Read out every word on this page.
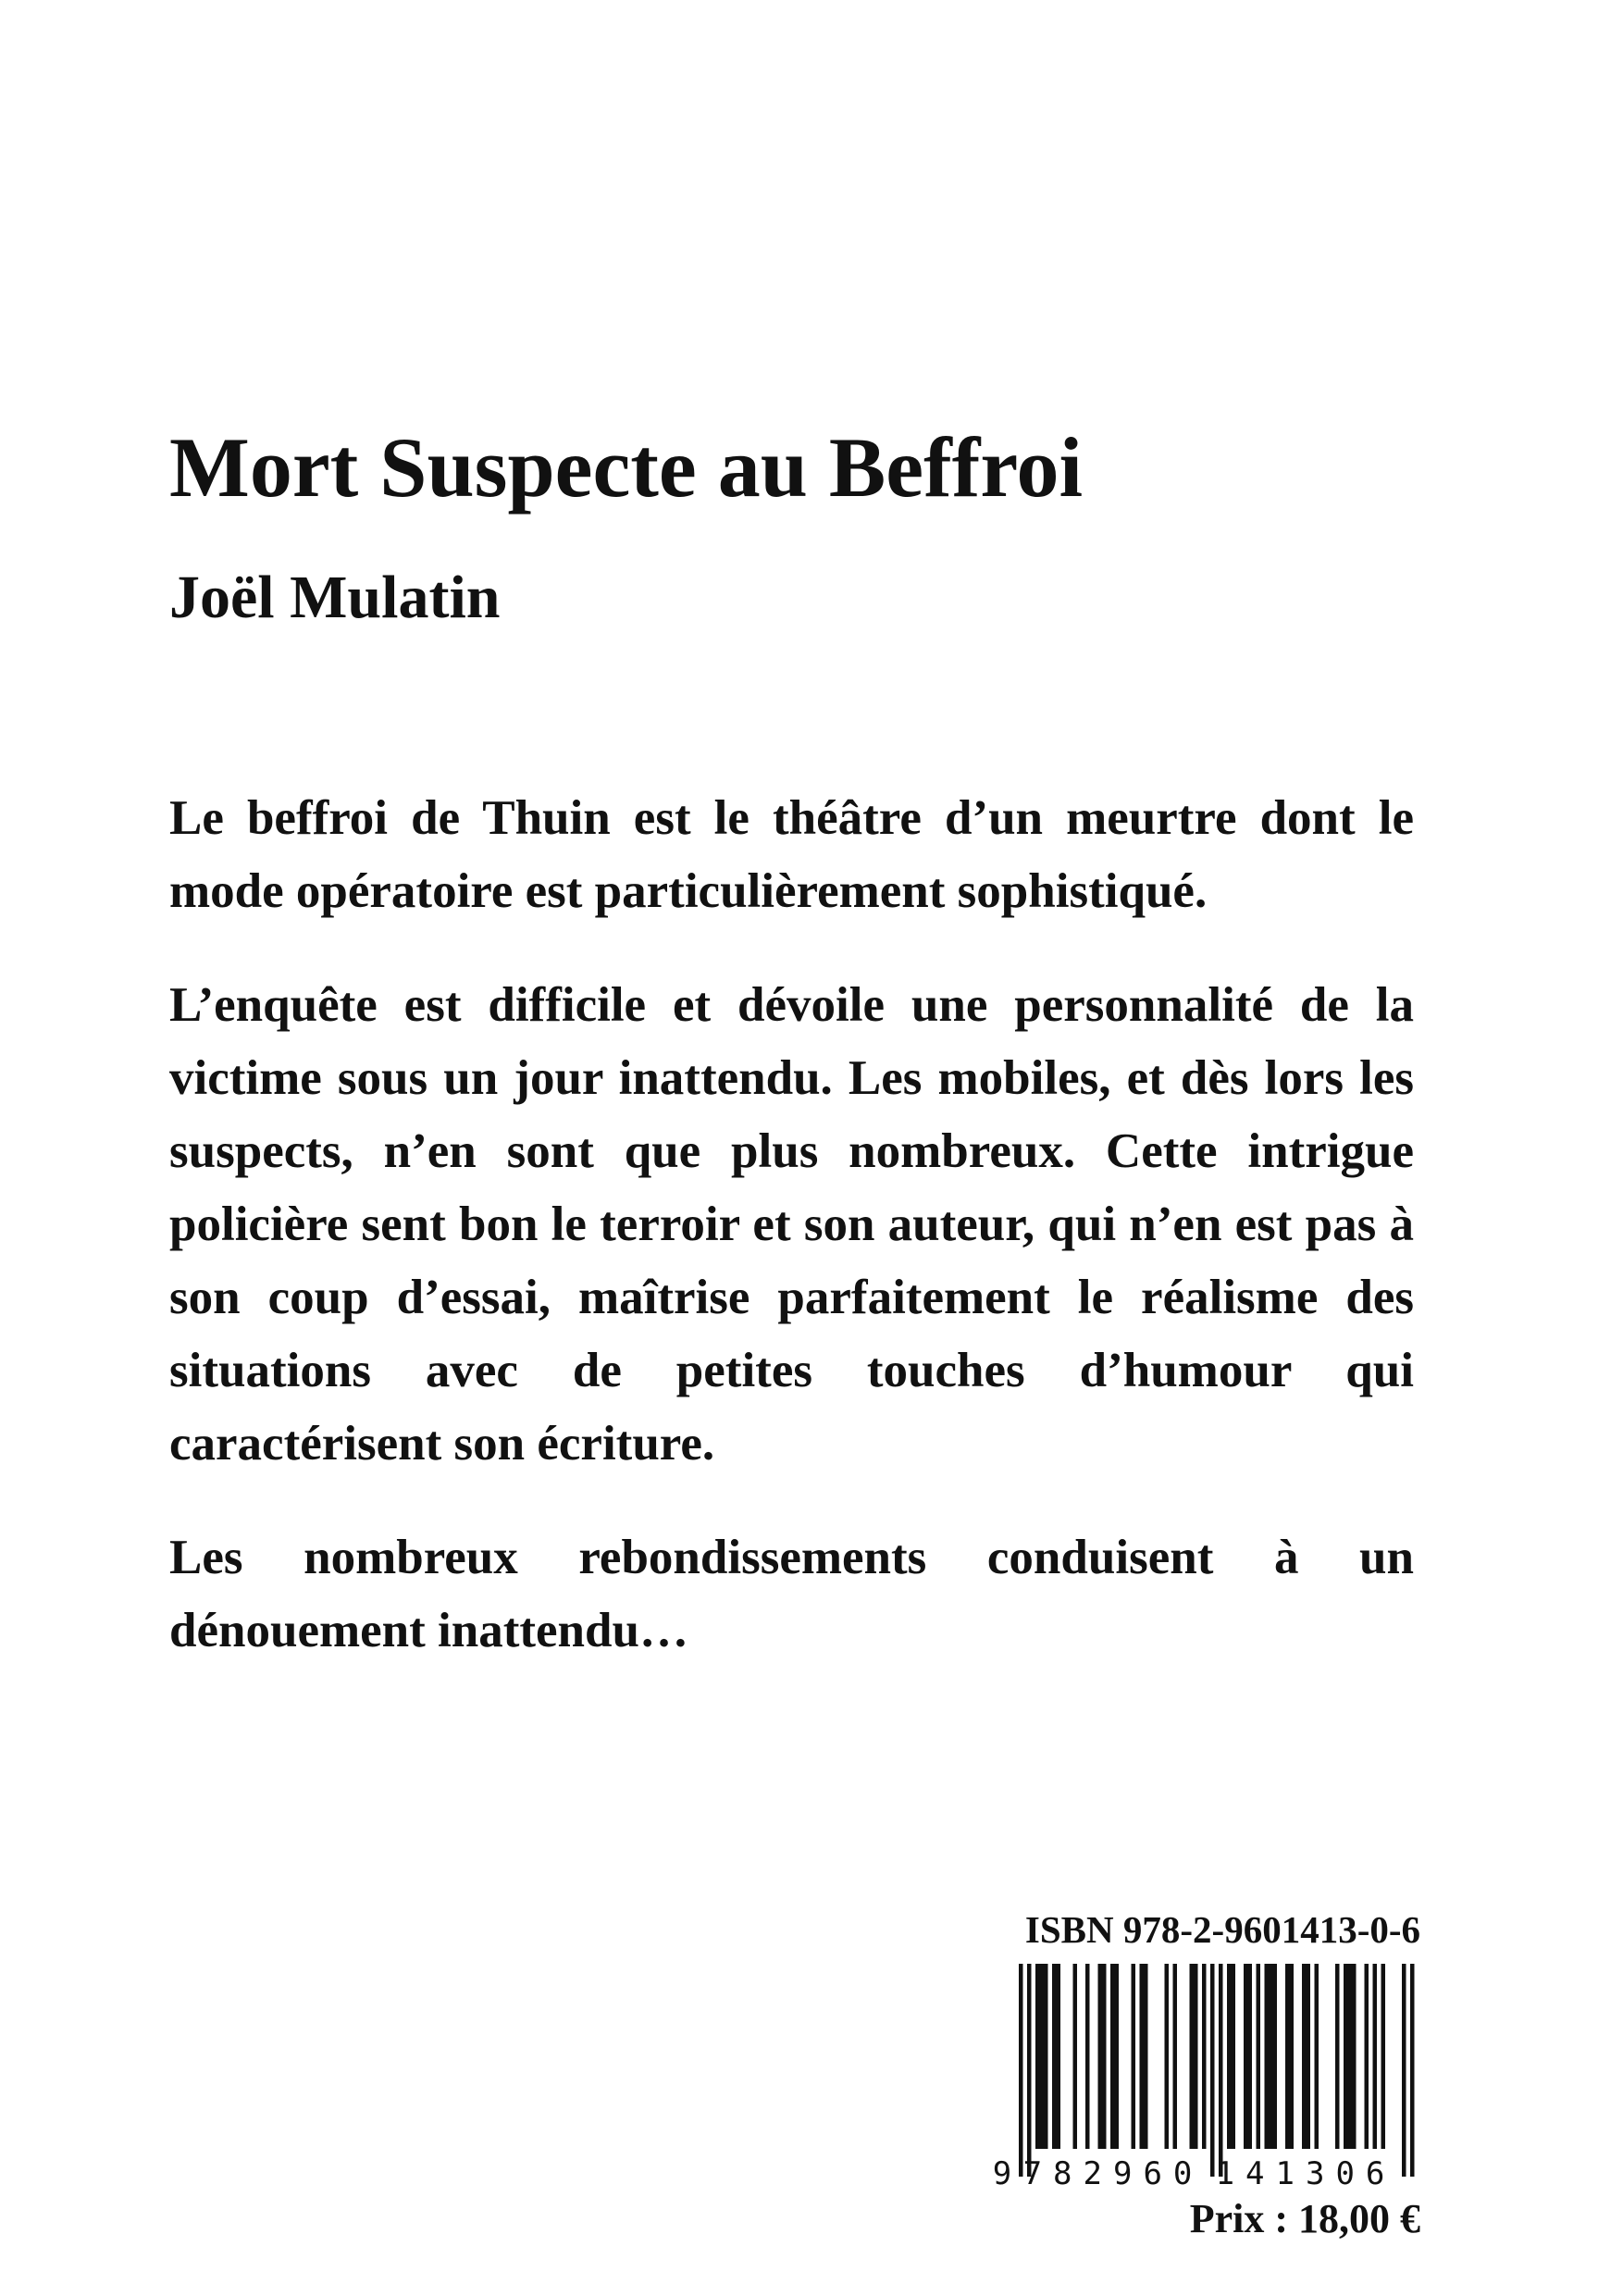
Mort Suspecte au Beffroi
Joël Mulatin

Le beffroi de Thuin est le théâtre d’un meurtre dont le mode opératoire est particulièrement sophistiqué.

L’enquête est difficile et dévoile une personnalité de la victime sous un jour inattendu. Les mobiles, et dès lors les suspects, n’en sont que plus nombreux. Cette intrigue policière sent bon le terroir et son auteur, qui n’en est pas à son coup d’essai, maîtrise parfaitement le réalisme des situations avec de petites touches d’humour qui caractérisent son écriture.

Les nombreux rebondissements conduisent à un dénouement inattendu…

ISBN 978-2-9601413-0-6
9 782960 141306
Prix : 18,00 €
